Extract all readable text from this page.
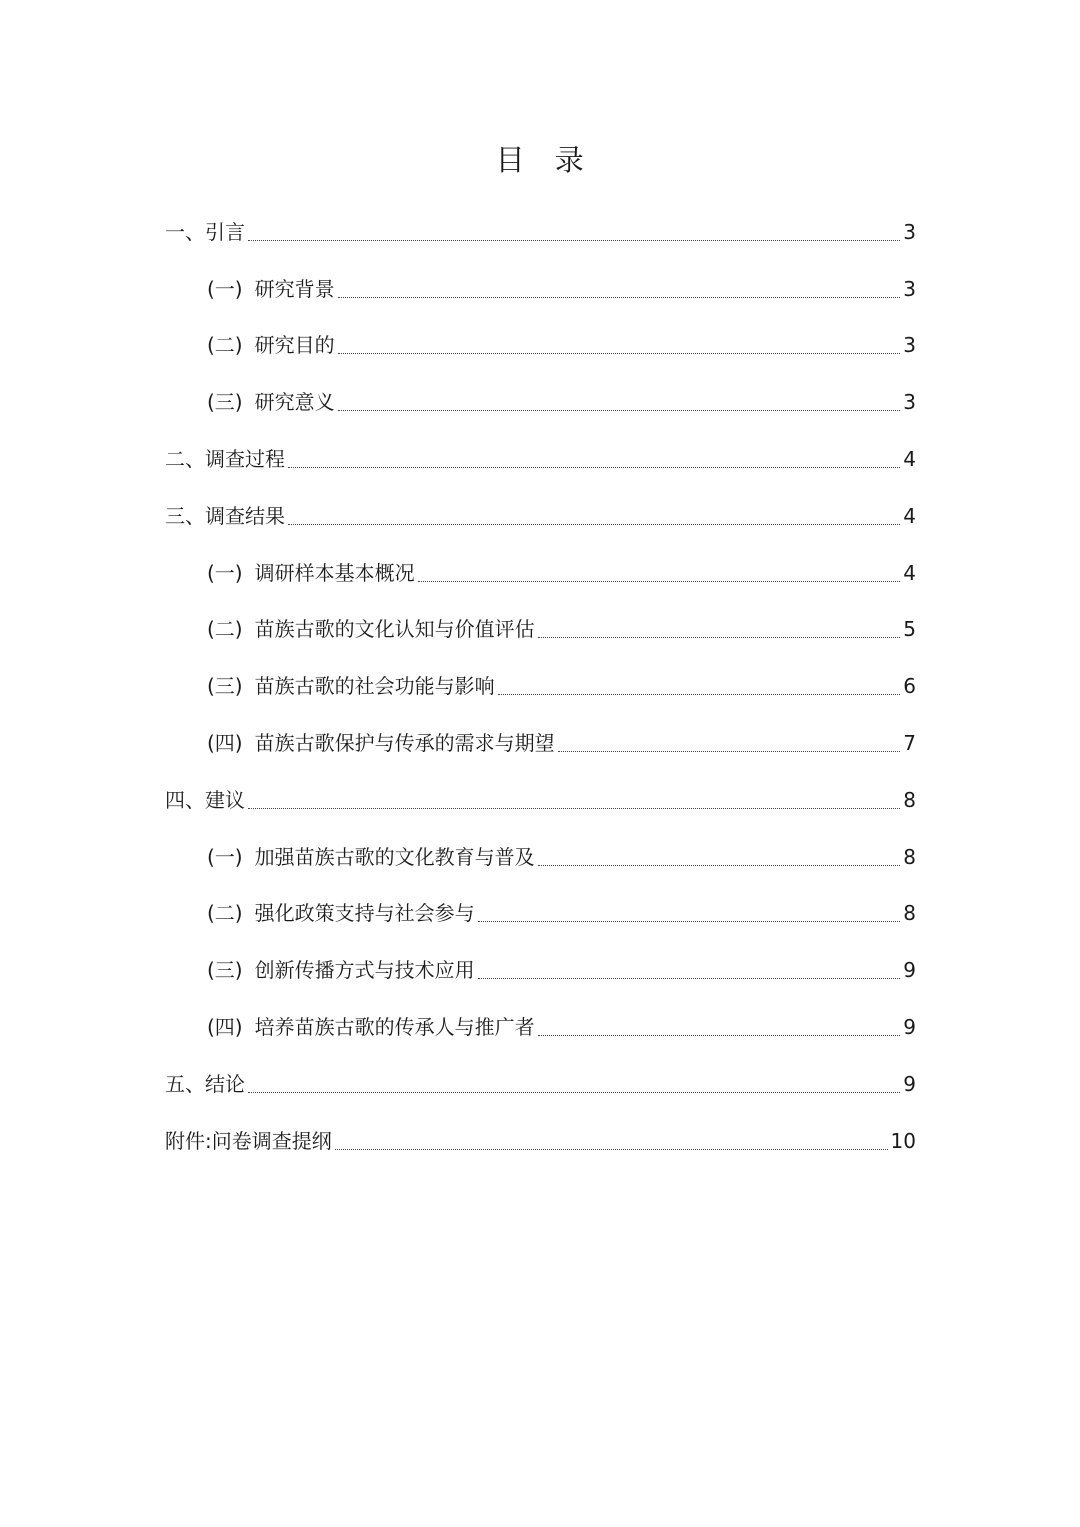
目　录
一、引言	3
(一) 研究背景	3
(二) 研究目的	3
(三) 研究意义	3
二、调查过程	4
三、调查结果	4
(一) 调研样本基本概况	4
(二) 苗族古歌的文化认知与价值评估	5
(三) 苗族古歌的社会功能与影响	6
(四) 苗族古歌保护与传承的需求与期望	7
四、建议	8
(一) 加强苗族古歌的文化教育与普及	8
(二) 强化政策支持与社会参与	8
(三) 创新传播方式与技术应用	9
(四) 培养苗族古歌的传承人与推广者	9
五、结论	9
附件:问卷调查提纲	10
